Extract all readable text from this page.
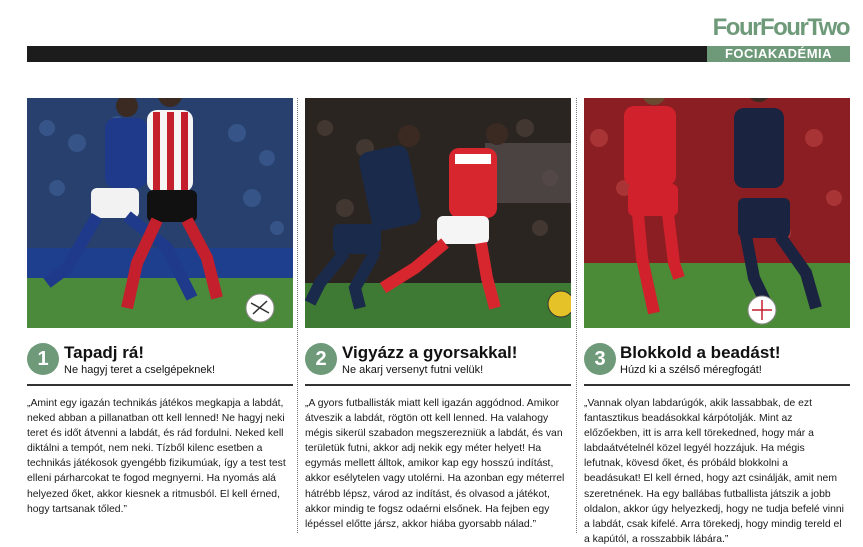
FourFourTwo
FOCIAKADÉMIA
1 Tapadj rá!
Ne hagyj teret a cselgépeknek!
„Amint egy igazán technikás játékos megkapja a labdát, neked abban a pillanatban ott kell lenned! Ne hagyj neki teret és időt átvenni a labdát, és rád fordulni. Neked kell diktálni a tempót, nem neki. Tízből kilenc esetben a technikás játékosok gyengébb fizikumúak, így a test test elleni párharcokat te fogod megnyerni. Ha nyomás alá helyezed őket, akkor kiesnek a ritmusból. El kell érned, hogy tartsanak tőled.”
2 Vigyázz a gyorsakkal!
Ne akarj versenyt futni velük!
„A gyors futballisták miatt kell igazán aggódnod. Amikor átveszik a labdát, rögtön ott kell lenned. Ha valahogy mégis sikerül szabadon megszerezniük a labdát, és van területük futni, akkor adj nekik egy méter helyet! Ha egymás mellett álltok, amikor kap egy hosszú indítást, akkor esélytelen vagy utolérni. Ha azonban egy méterrel hátrébb lépsz, várod az indítást, és olvasod a játékot, akkor mindig te fogsz odaérni elsőnek. Ha fejben egy lépéssel előtte jársz, akkor hiába gyorsabb nálad.”
3 Blokkold a beadást!
Húzd ki a szélső méregfogát!
„Vannak olyan labdarúgók, akik lassabbak, de ezt fantasztikus beadásokkal kárpótolják. Mint az előzőekben, itt is arra kell törekedned, hogy már a labdaátvételnél közel legyél hozzájuk. Ha mégis lefutnak, kövesd őket, és próbáld blokkolni a beadásukat! El kell érned, hogy azt csinálják, amit nem szeretnének. Ha egy ballábas futballista játszik a jobb oldalon, akkor úgy helyezkedj, hogy ne tudja befelé vinni a labdát, csak kifelé. Arra törekedj, hogy mindig tereld el a kapútól, a rosszabbik lábára.”
